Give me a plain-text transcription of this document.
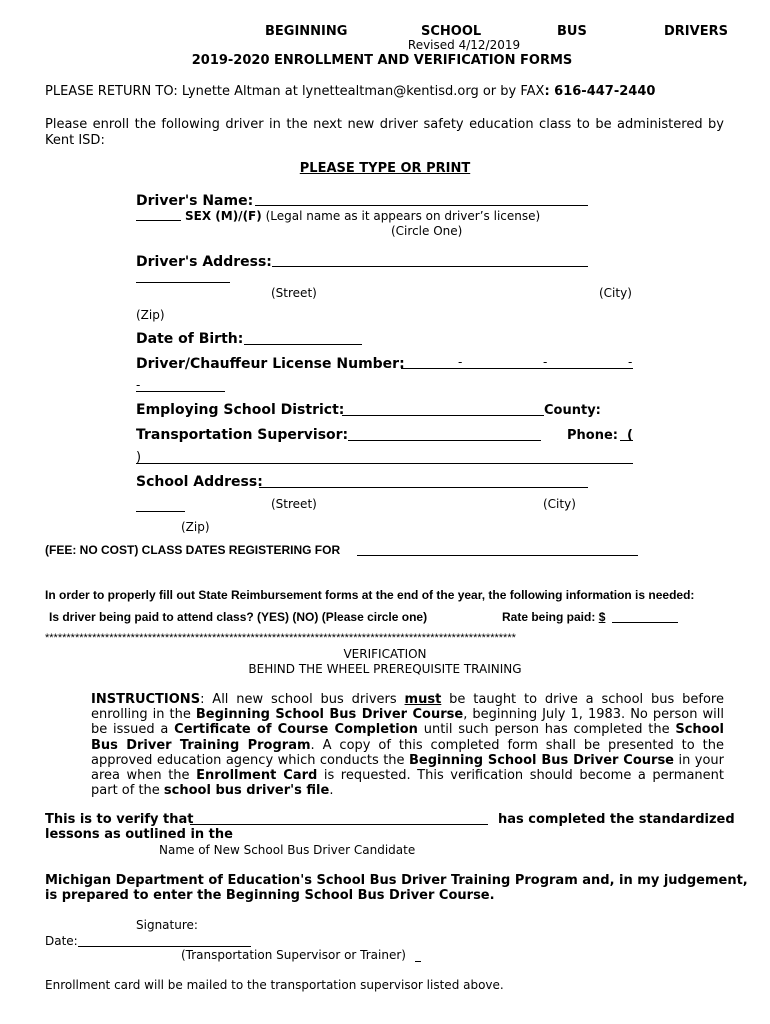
BEGINNING	SCHOOL	BUS	DRIVERS
Revised 4/12/2019
2019-2020 ENROLLMENT AND VERIFICATION FORMS
PLEASE RETURN TO: Lynette Altman at lynettealtman@kentisd.org or by FAX: 616-447-2440
Please enroll the following driver in the next new driver safety education class to be administered by Kent ISD:
PLEASE TYPE OR PRINT
Driver's Name:
SEX (M)/(F) (Legal name as it appears on driver’s license)
(Circle One)
Driver's Address:
(Street)	(City)
(Zip)
Date of Birth:
Driver/Chauffeur License Number:	-	-	-
-
Employing School District:	County:
Transportation Supervisor:	Phone: (
)
School Address:
(Street)	(City)
(Zip)
(FEE: NO COST) CLASS DATES REGISTERING FOR
In order to properly fill out State Reimbursement forms at the end of the year, the following information is needed:
Is driver being paid to attend class? (YES) (NO) (Please circle one)	Rate being paid: $
**************************************************************************************************************
VERIFICATION
BEHIND THE WHEEL PREREQUISITE TRAINING
INSTRUCTIONS: All new school bus drivers must be taught to drive a school bus before enrolling in the Beginning School Bus Driver Course, beginning July 1, 1983. No person will be issued a Certificate of Course Completion until such person has completed the School Bus Driver Training Program. A copy of this completed form shall be presented to the approved education agency which conducts the Beginning School Bus Driver Course in your area when the Enrollment Card is requested. This verification should become a permanent part of the school bus driver's file.
This is to verify that	has completed the standardized
lessons as outlined in the
Name of New School Bus Driver Candidate
Michigan Department of Education's School Bus Driver Training Program and, in my judgement,
is prepared to enter the Beginning School Bus Driver Course.
Signature:
Date:
(Transportation Supervisor or Trainer)
Enrollment card will be mailed to the transportation supervisor listed above.
